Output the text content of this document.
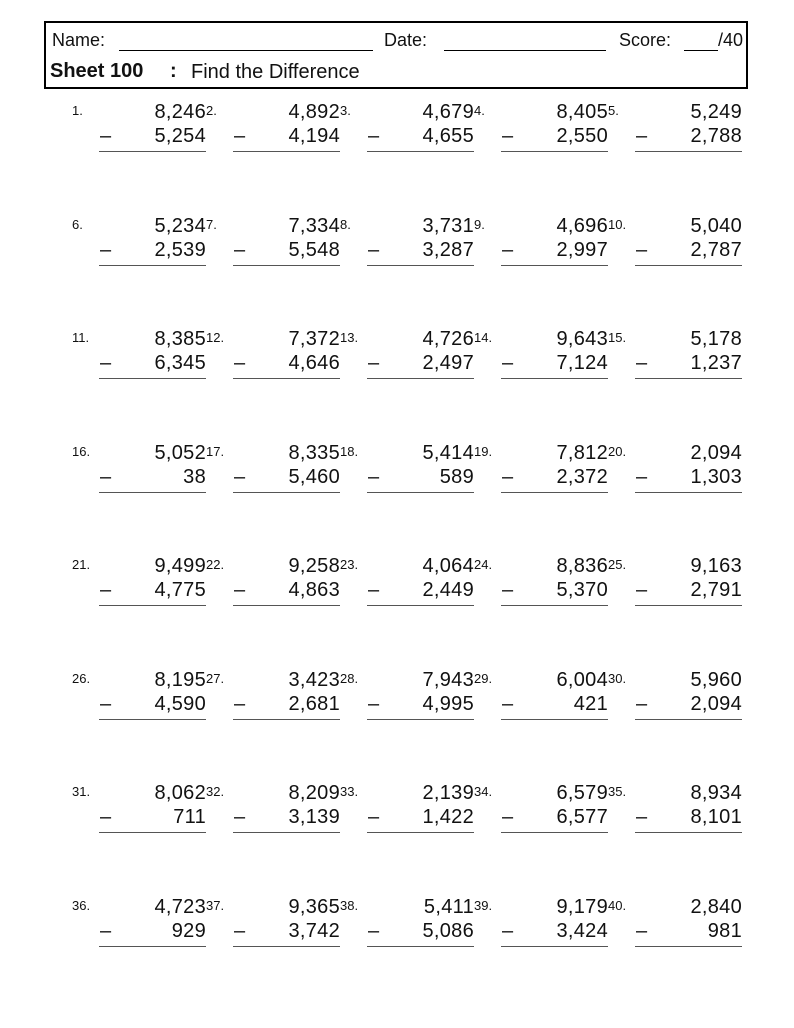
Name:	Date:	Score:	/40
Sheet 100 : Find the Difference
1.	8,246
– 5,254
2.	4,892
– 4,194
3.	4,679
– 4,655
4.	8,405
– 2,550
5.	5,249
– 2,788
6.	5,234
– 2,539
7.	7,334
– 5,548
8.	3,731
– 3,287
9.	4,696
– 2,997
10.	5,040
– 2,787
11.	8,385
– 6,345
12.	7,372
– 4,646
13.	4,726
– 2,497
14.	9,643
– 7,124
15.	5,178
– 1,237
16.	5,052
–	38
17.	8,335
– 5,460
18.	5,414
–	589
19.	7,812
– 2,372
20.	2,094
– 1,303
21.	9,499
– 4,775
22.	9,258
– 4,863
23.	4,064
– 2,449
24.	8,836
– 5,370
25.	9,163
– 2,791
26.	8,195
– 4,590
27.	3,423
– 2,681
28.	7,943
– 4,995
29.	6,004
–	421
30.	5,960
– 2,094
31.	8,062
–	711
32.	8,209
– 3,139
33.	2,139
– 1,422
34.	6,579
– 6,577
35.	8,934
– 8,101
36.	4,723
–	929
37.	9,365
– 3,742
38.	5,411
– 5,086
39.	9,179
– 3,424
40.	2,840
–	981
